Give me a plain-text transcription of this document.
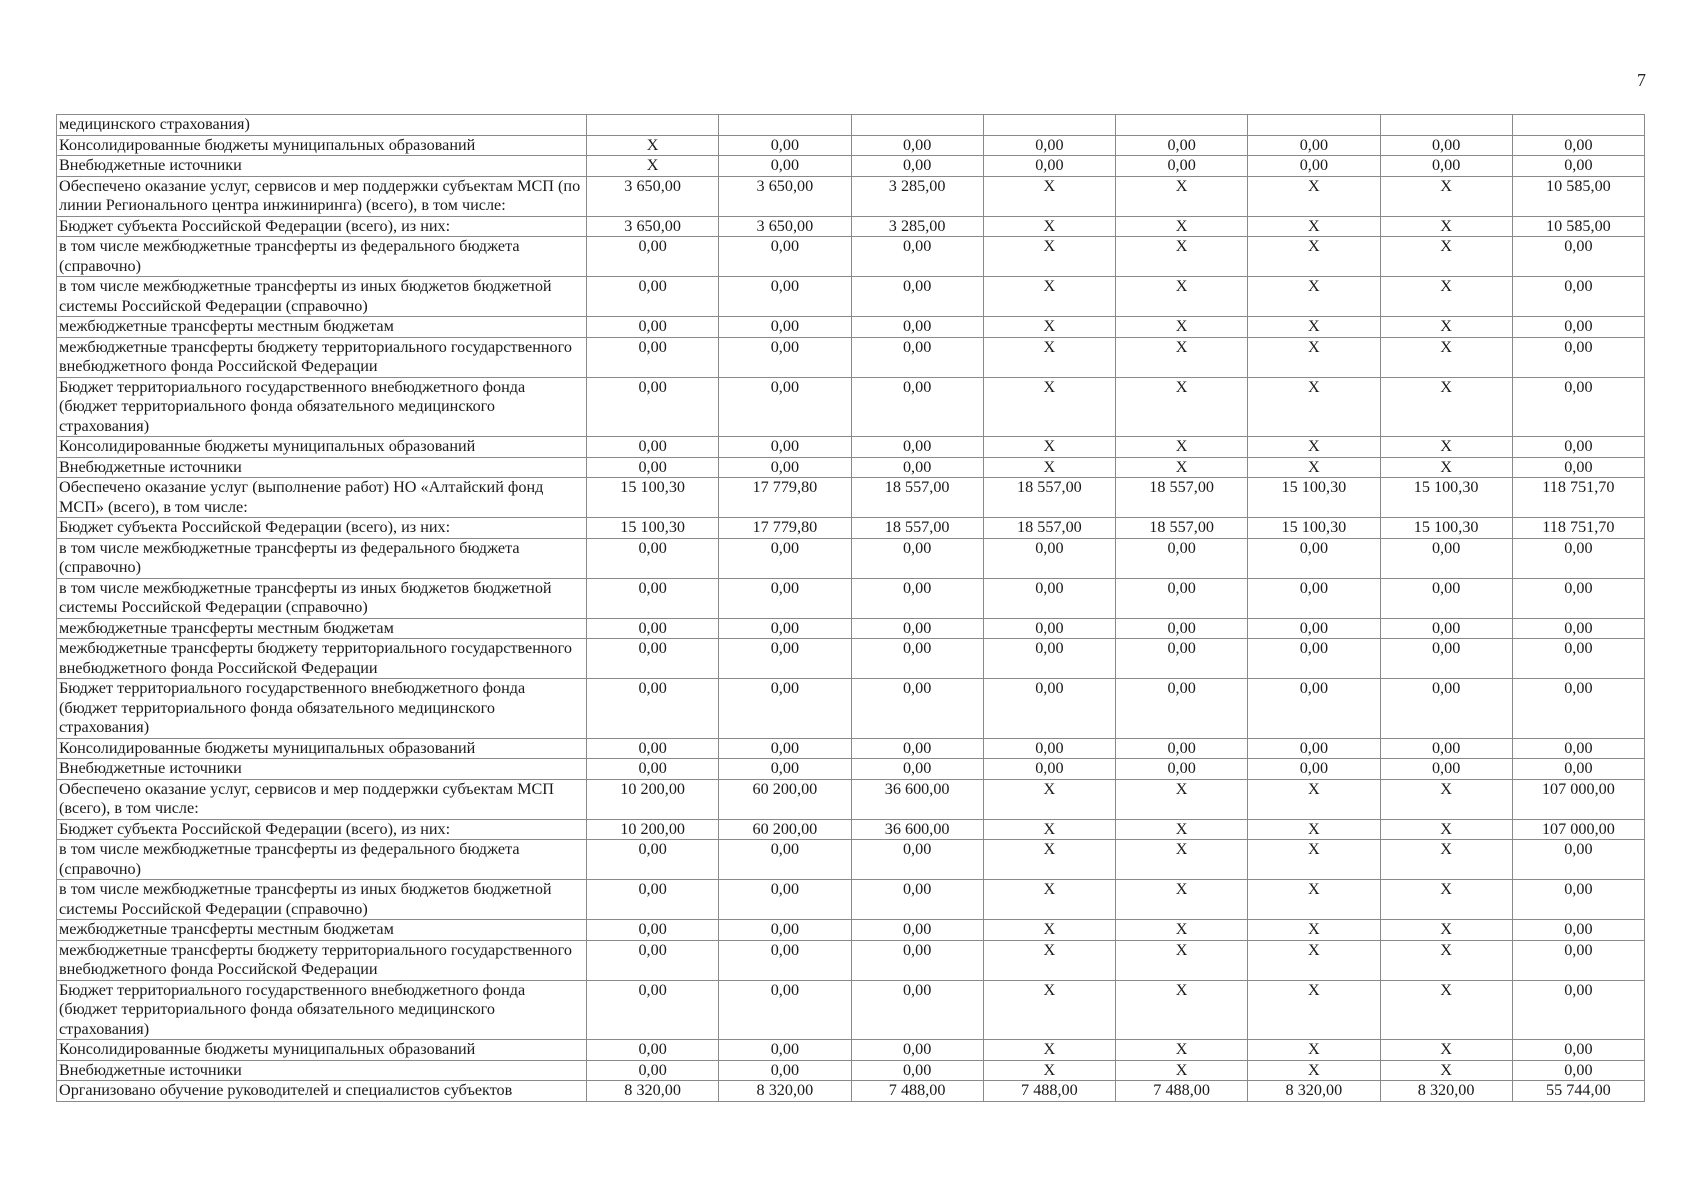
7
медицинского страхования)								
Консолидированные бюджеты муниципальных образований	X	0,00	0,00	0,00	0,00	0,00	0,00	0,00
Внебюджетные источники	X	0,00	0,00	0,00	0,00	0,00	0,00	0,00
Обеспечено оказание услуг, сервисов и мер поддержки субъектам МСП (по линии Регионального центра инжиниринга) (всего), в том числе:	3 650,00	3 650,00	3 285,00	X	X	X	X	10 585,00
Бюджет субъекта Российской Федерации (всего), из них:	3 650,00	3 650,00	3 285,00	X	X	X	X	10 585,00
в том числе межбюджетные трансферты из федерального бюджета (справочно)	0,00	0,00	0,00	X	X	X	X	0,00
в том числе межбюджетные трансферты из иных бюджетов бюджетной системы Российской Федерации (справочно)	0,00	0,00	0,00	X	X	X	X	0,00
межбюджетные трансферты местным бюджетам	0,00	0,00	0,00	X	X	X	X	0,00
межбюджетные трансферты бюджету территориального государственного внебюджетного фонда Российской Федерации	0,00	0,00	0,00	X	X	X	X	0,00
Бюджет территориального государственного внебюджетного фонда (бюджет территориального фонда обязательного медицинского страхования)	0,00	0,00	0,00	X	X	X	X	0,00
Консолидированные бюджеты муниципальных образований	0,00	0,00	0,00	X	X	X	X	0,00
Внебюджетные источники	0,00	0,00	0,00	X	X	X	X	0,00
Обеспечено оказание услуг (выполнение работ) НО «Алтайский фонд МСП» (всего), в том числе:	15 100,30	17 779,80	18 557,00	18 557,00	18 557,00	15 100,30	15 100,30	118 751,70
Бюджет субъекта Российской Федерации (всего), из них:	15 100,30	17 779,80	18 557,00	18 557,00	18 557,00	15 100,30	15 100,30	118 751,70
в том числе межбюджетные трансферты из федерального бюджета (справочно)	0,00	0,00	0,00	0,00	0,00	0,00	0,00	0,00
в том числе межбюджетные трансферты из иных бюджетов бюджетной системы Российской Федерации (справочно)	0,00	0,00	0,00	0,00	0,00	0,00	0,00	0,00
межбюджетные трансферты местным бюджетам	0,00	0,00	0,00	0,00	0,00	0,00	0,00	0,00
межбюджетные трансферты бюджету территориального государственного внебюджетного фонда Российской Федерации	0,00	0,00	0,00	0,00	0,00	0,00	0,00	0,00
Бюджет территориального государственного внебюджетного фонда (бюджет территориального фонда обязательного медицинского страхования)	0,00	0,00	0,00	0,00	0,00	0,00	0,00	0,00
Консолидированные бюджеты муниципальных образований	0,00	0,00	0,00	0,00	0,00	0,00	0,00	0,00
Внебюджетные источники	0,00	0,00	0,00	0,00	0,00	0,00	0,00	0,00
Обеспечено оказание услуг, сервисов и мер поддержки субъектам МСП (всего), в том числе:	10 200,00	60 200,00	36 600,00	X	X	X	X	107 000,00
Бюджет субъекта Российской Федерации (всего), из них:	10 200,00	60 200,00	36 600,00	X	X	X	X	107 000,00
в том числе межбюджетные трансферты из федерального бюджета (справочно)	0,00	0,00	0,00	X	X	X	X	0,00
в том числе межбюджетные трансферты из иных бюджетов бюджетной системы Российской Федерации (справочно)	0,00	0,00	0,00	X	X	X	X	0,00
межбюджетные трансферты местным бюджетам	0,00	0,00	0,00	X	X	X	X	0,00
межбюджетные трансферты бюджету территориального государственного внебюджетного фонда Российской Федерации	0,00	0,00	0,00	X	X	X	X	0,00
Бюджет территориального государственного внебюджетного фонда (бюджет территориального фонда обязательного медицинского страхования)	0,00	0,00	0,00	X	X	X	X	0,00
Консолидированные бюджеты муниципальных образований	0,00	0,00	0,00	X	X	X	X	0,00
Внебюджетные источники	0,00	0,00	0,00	X	X	X	X	0,00
Организовано обучение руководителей и специалистов субъектов	8 320,00	8 320,00	7 488,00	7 488,00	7 488,00	8 320,00	8 320,00	55 744,00
